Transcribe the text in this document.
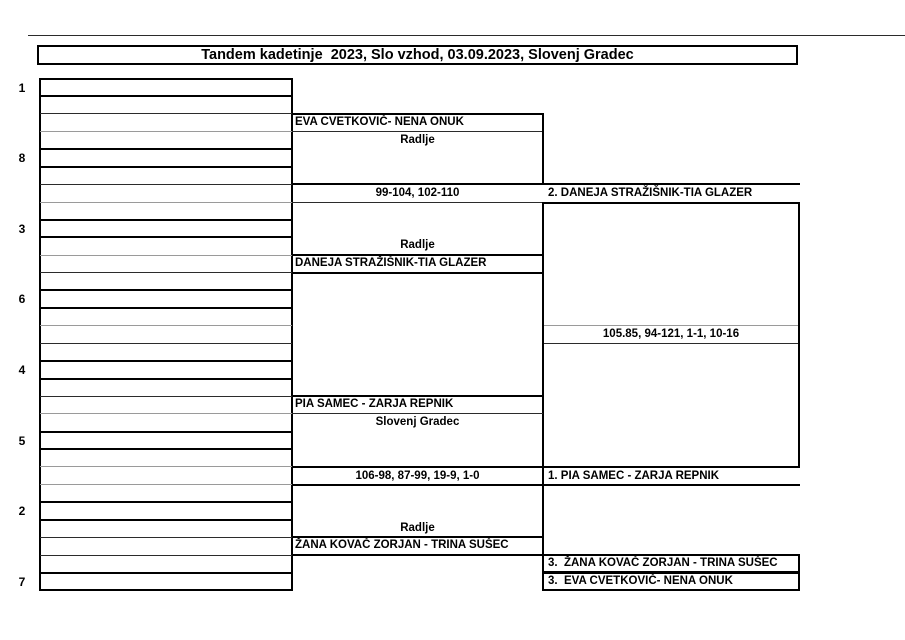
Tandem kadetinje  2023, Slo vzhod, 03.09.2023, Slovenj Gradec
1
8
3
6
4
5
2
7
EVA CVETKOVIČ- NENA ONUK
Radlje
99-104, 102-110	2. DANEJA STRAŽIŠNIK-TIA GLAZER
Radlje
DANEJA STRAŽIŠNIK-TIA GLAZER
105.85, 94-121, 1-1, 10-16
PIA SAMEC - ZARJA REPNIK
Slovenj Gradec
106-98, 87-99, 19-9, 1-0	1. PIA SAMEC - ZARJA REPNIK
Radlje
ŽANA KOVAČ ZORJAN - TRINA SUŠEC
3.  ŽANA KOVAČ ZORJAN - TRINA SUŠEC
3.  EVA CVETKOVIČ- NENA ONUK
